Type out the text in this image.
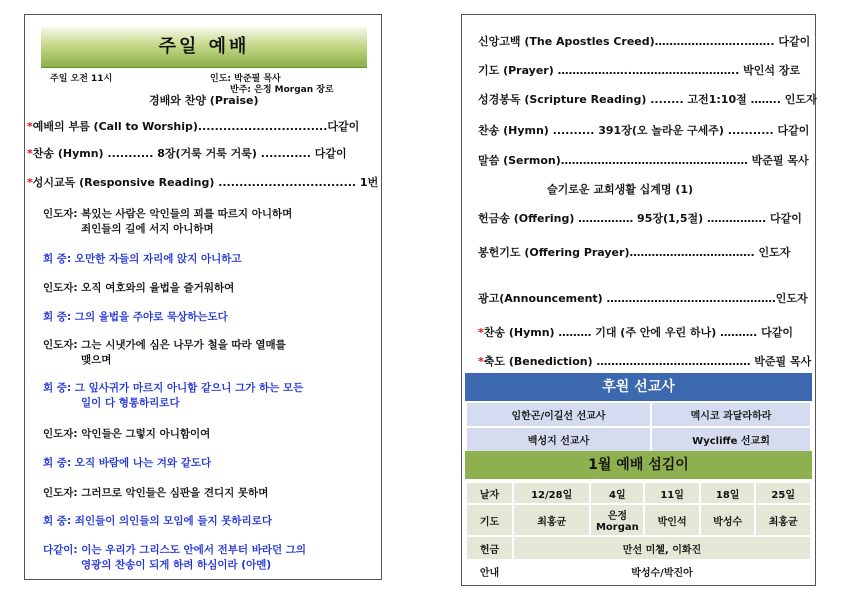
주일 예배
주일 오전 11시	인도: 박준필 목사
반주: 은정 Morgan 장로
경배와 찬양 (Praise)
*예배의 부름 (Call to Worship)...............................다같이
*찬송 (Hymn) ........... 8장(거룩 거룩 거룩) ............ 다같이
*성시교독 (Responsive Reading) ................................. 1번
인도자: 복있는 사람은 악인들의 꾀를 따르지 아니하며
죄인들의 길에 서지 아니하며
회 중: 오만한 자들의 자리에 앉지 아니하고
인도자: 오직 여호와의 율법을 즐거워하여
회 중: 그의 율법을 주야로 묵상하는도다
인도자: 그는 시냇가에 심은 나무가 철을 따라 열매를
맺으며
회 중: 그 잎사귀가 마르지 아니함 같으니 그가 하는 모든
일이 다 형통하리로다
인도자: 악인들은 그렇지 아니함이여
회 중: 오직 바람에 나는 겨와 같도다
인도자: 그러므로 악인들은 심판을 견디지 못하며
회 중: 죄인들이 의인들의 모임에 들지 못하리로다
다같이: 이는 우리가 그리스도 안에서 전부터 바라던 그의
영광의 찬송이 되게 하려 하심이라 (아멘)
신앙고백 (The Apostles Creed)…………….……..…….. 다같이
기도 (Prayer) ………………..……………………….. 박인석 장로
성경봉독 (Scripture Reading) ........ 고전1:10절 …….. 인도자
찬송 (Hymn) .......... 391장(오 놀라운 구세주) ........... 다같이
말씀 (Sermon)…………………………………………… 박준필 목사
슬기로운 교회생활 십계명 (1)
헌금송 (Offering) …………… 95장(1,5절) ……………. 다같이
봉헌기도 (Offering Prayer)……………………………. 인도자
광고(Announcement) ………………………….……………인도자
*찬송 (Hymn) ……… 기대 (주 안에 우린 하나) ………. 다같이
*축도 (Benediction) …………………………………… 박준필 목사
후원 선교사
임한곤/이길선 선교사	멕시코 과달라하라
백성지 선교사	Wycliffe 선교회
1월 예배 섬김이
날자	12/28일	4일	11일	18일	25일
기도	최홍균	은정 Morgan	박인석	박성수	최홍균
헌금	만선 미첼, 이화진				
안내	박성수/박진아				
